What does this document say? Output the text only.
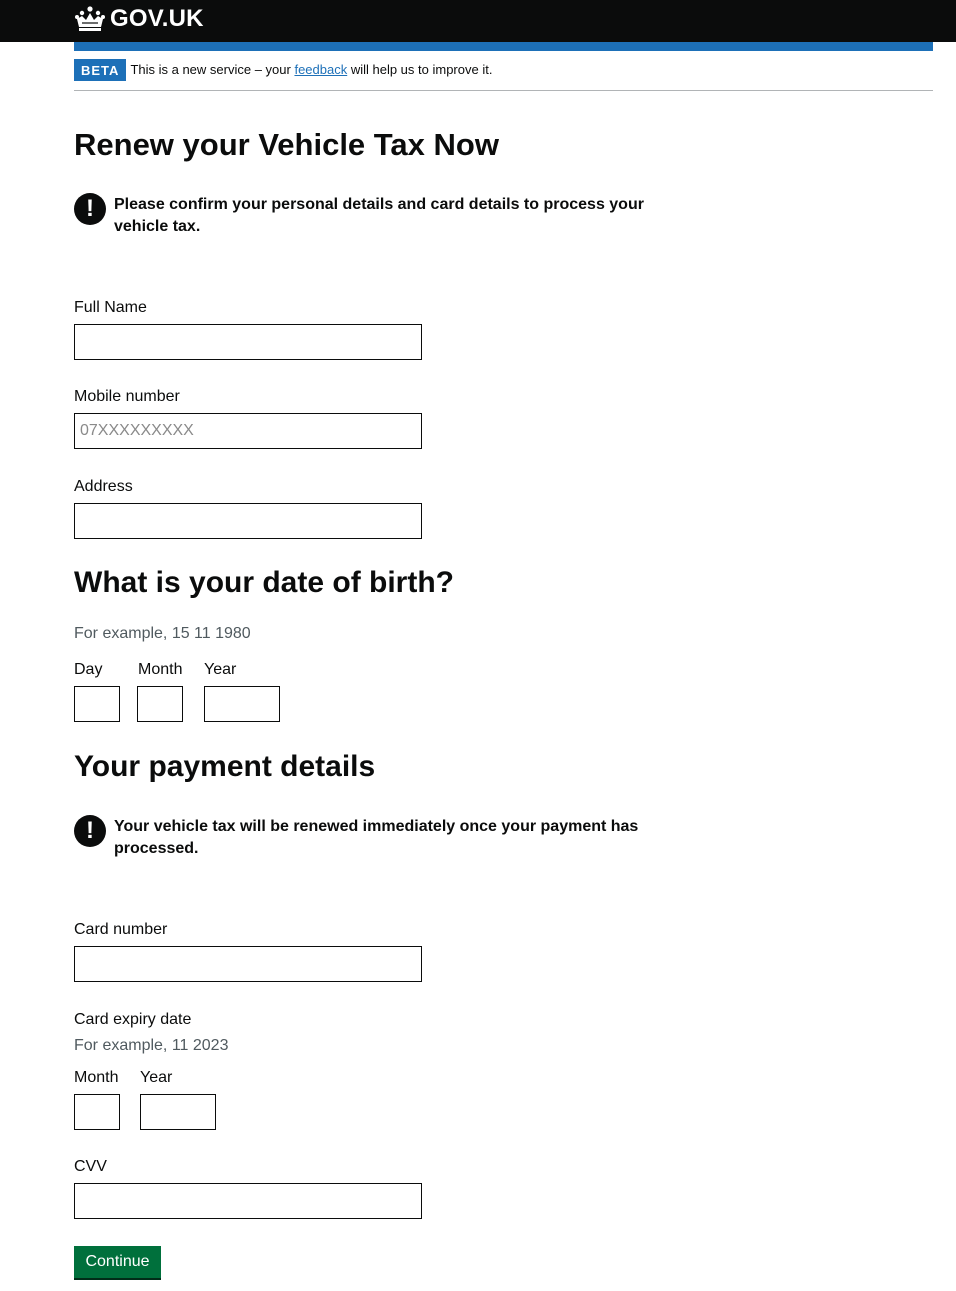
GOV.UK
BETA This is a new service – your feedback will help us to improve it.
Renew your Vehicle Tax Now
!	Please confirm your personal details and card details to process your vehicle tax.
Full Name
Mobile number
07XXXXXXXXX
Address
What is your date of birth?
For example, 15 11 1980
Day Month Year
Your payment details
!	Your vehicle tax will be renewed immediately once your payment has processed.
Card number
Card expiry date
For example, 11 2023
Month Year
CVV
Continue
